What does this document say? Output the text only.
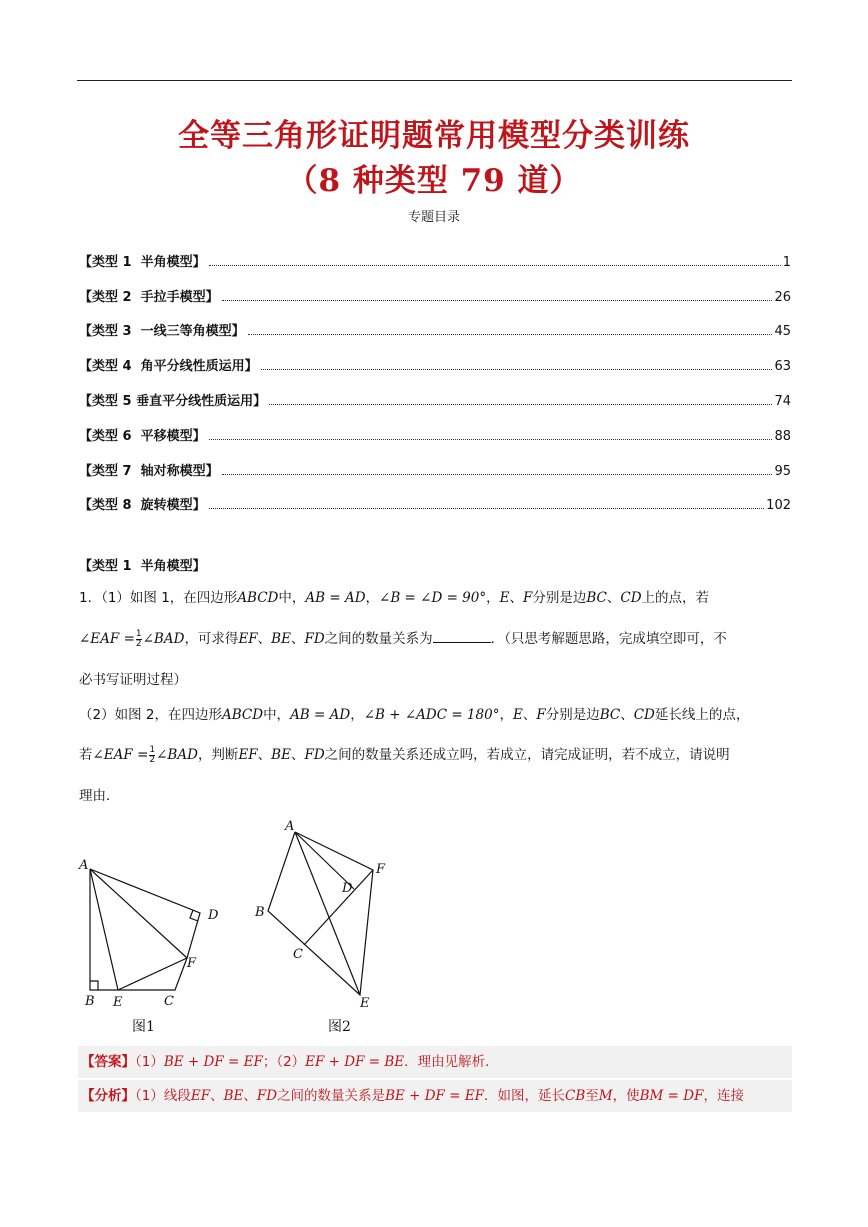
全等三角形证明题常用模型分类训练
（8 种类型 79 道）
专题目录
【类型 1  半角模型】	1
【类型 2  手拉手模型】	26
【类型 3  一线三等角模型】	45
【类型 4  角平分线性质运用】	63
【类型 5 垂直平分线性质运用】	74
【类型 6  平移模型】	88
【类型 7  轴对称模型】	95
【类型 8  旋转模型】	102
【类型 1  半角模型】
1．（1）如图 1，在四边形ABCD中，AB = AD，∠B = ∠D = 90°，E、F分别是边BC、CD上的点，若
∠EAF = $\frac{1}{2}$ ∠BAD，可求得EF、BE、FD之间的数量关系为	．（只思考解题思路，完成填空即可，不
必书写证明过程）
（2）如图 2，在四边形ABCD中，AB = AD，∠B + ∠ADC = 180°，E、F分别是边BC、CD延长线上的点，
若∠EAF = $\frac{1}{2}$ ∠BAD，判断EF、BE、FD之间的数量关系还成立吗，若成立，请完成证明，若不成立，请说明
理由．
A
B E	C
F
D
图1
A
B
C
D
F
E
图2
【答案】（1）BE + DF = EF；（2）EF + DF = BE．理由见解析．
【分析】（1）线段EF、BE、FD之间的数量关系是BE + DF = EF．如图，延长CB至M，使BM = DF，连接
